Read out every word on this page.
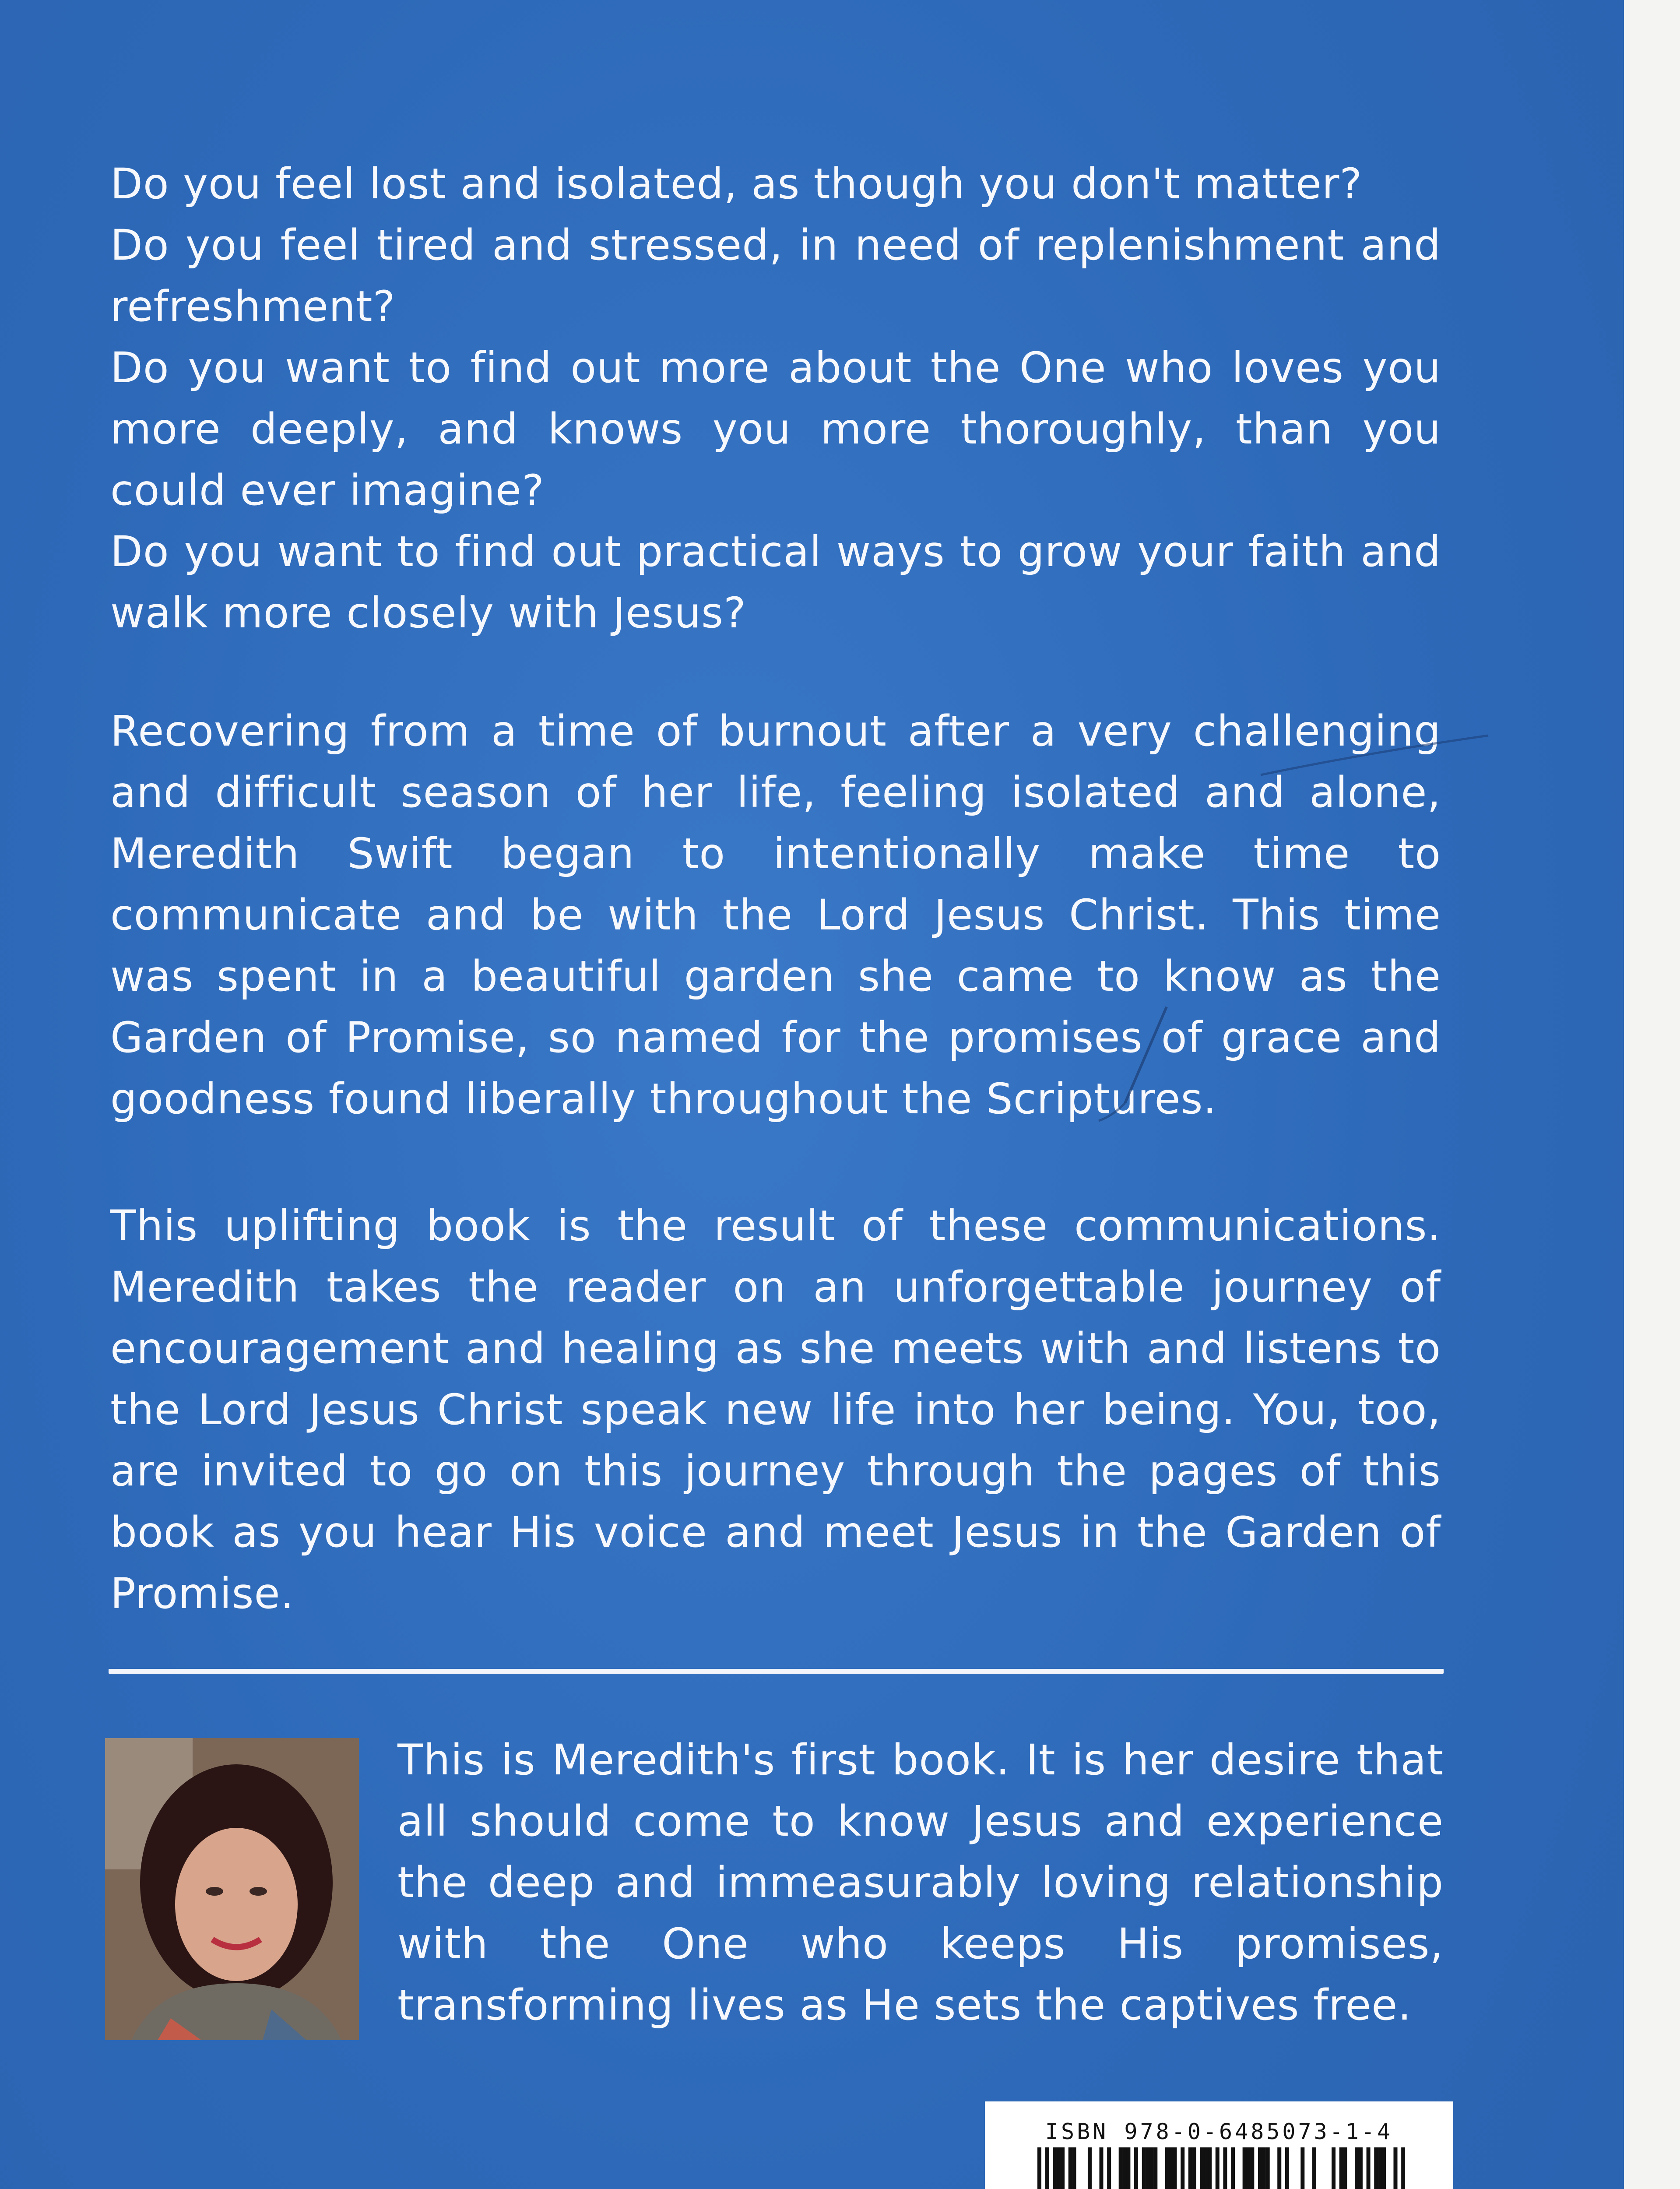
Do you feel lost and isolated, as though you don't matter?

Do you feel tired and stressed, in need of replenishment and refreshment?

Do you want to find out more about the One who loves you more deeply, and knows you more thoroughly, than you could ever imagine?

Do you want to find out practical ways to grow your faith and walk more closely with Jesus?

Recovering from a time of burnout after a very challenging and difficult season of her life, feeling isolated and alone, Meredith Swift began to intentionally make time to communicate and be with the Lord Jesus Christ. This time was spent in a beautiful garden she came to know as the Garden of Promise, so named for the promises of grace and goodness found liberally throughout the Scriptures.

This uplifting book is the result of these communications. Meredith takes the reader on an unforgettable journey of encouragement and healing as she meets with and listens to the Lord Jesus Christ speak new life into her being. You, too, are invited to go on this journey through the pages of this book as you hear His voice and meet Jesus in the Garden of Promise.

This is Meredith's first book. It is her desire that all should come to know Jesus and experience the deep and immeasurably loving relationship with the One who keeps His promises, transforming lives as He sets the captives free.

ISBN 978-0-6485073-1-4
